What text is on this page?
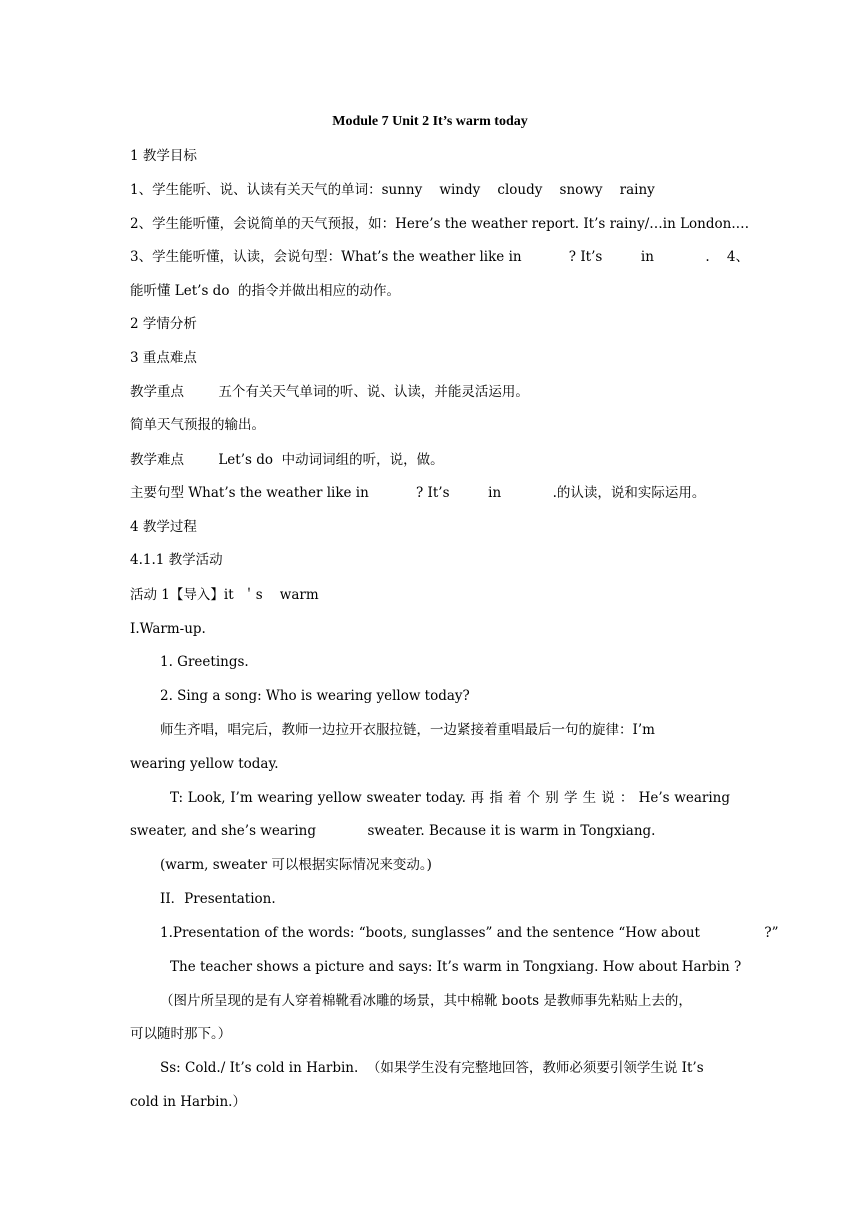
Module 7 Unit 2 It’s warm today
1 教学目标
1、学生能听、说、认读有关天气的单词：sunny    windy    cloudy    snowy    rainy
2、学生能听懂，会说简单的天气预报，如：Here’s the weather report. It’s rainy/…in London.…
3、学生能听懂，认读，会说句型：What’s the weather like in           ? It’s         in            .    4、
能听懂 Let’s do  的指令并做出相应的动作。
2 学情分析
3 重点难点
教学重点        五个有关天气单词的听、说、认读，并能灵活运用。
简单天气预报的输出。
教学难点        Let’s do  中动词词组的听，说，做。
主要句型 What’s the weather like in           ? It’s         in            .的认读，说和实际运用。
4 教学过程
4.1.1 教学活动
活动 1【导入】it  ＇s    warm
I.Warm-up.
1. Greetings.
2. Sing a song: Who is wearing yellow today?
师生齐唱，唱完后，教师一边拉开衣服拉链，一边紧接着重唱最后一句的旋律：I’m
wearing yellow today.
T: Look, I’m wearing yellow sweater today. 再 指 着 个 别 学 生 说 ： He’s wearing
sweater, and she’s wearing            sweater. Because it is warm in Tongxiang.
(warm, sweater 可以根据实际情况来变动。)
II．Presentation.
1.Presentation of the words: “boots, sunglasses” and the sentence “How about               ?”
The teacher shows a picture and says: It’s warm in Tongxiang. How about Harbin ?
（图片所呈现的是有人穿着棉靴看冰雕的场景，其中棉靴 boots 是教师事先粘贴上去的，
可以随时那下。）
Ss: Cold./ It’s cold in Harbin.  （如果学生没有完整地回答，教师必须要引领学生说 It’s
cold in Harbin.）
